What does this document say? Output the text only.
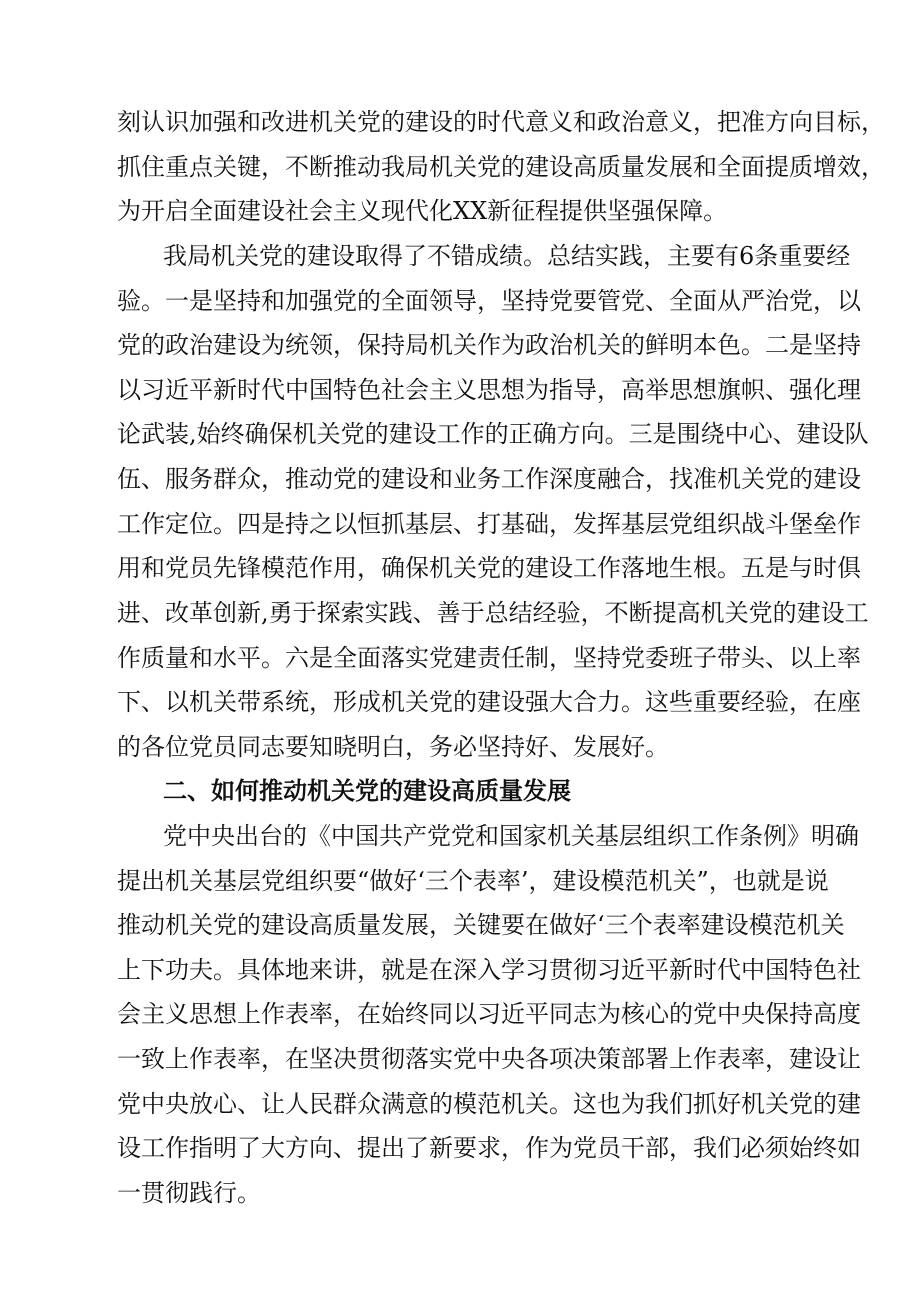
刻认识加强和改进机关党的建设的时代意义和政治意义，把准方向目标，

抓住重点关键，不断推动我局机关党的建设高质量发展和全面提质增效，

为开启全面建设社会主义现代化XX新征程提供坚强保障。

我局机关党的建设取得了不错成绩。总结实践，主要有6条重要经

验。一是坚持和加强党的全面领导，坚持党要管党、全面从严治党，以

党的政治建设为统领，保持局机关作为政治机关的鲜明本色。二是坚持

以习近平新时代中国特色社会主义思想为指导，高举思想旗帜、强化理

论武装,始终确保机关党的建设工作的正确方向。三是围绕中心、建设队

伍、服务群众，推动党的建设和业务工作深度融合，找准机关党的建设

工作定位。四是持之以恒抓基层、打基础，发挥基层党组织战斗堡垒作

用和党员先锋模范作用，确保机关党的建设工作落地生根。五是与时俱

进、改革创新,勇于探索实践、善于总结经验，不断提高机关党的建设工

作质量和水平。六是全面落实党建责任制，坚持党委班子带头、以上率

下、以机关带系统，形成机关党的建设强大合力。这些重要经验，在座

的各位党员同志要知晓明白，务必坚持好、发展好。

二、如何推动机关党的建设高质量发展

党中央出台的《中国共产党党和国家机关基层组织工作条例》明确

提出机关基层党组织要“做好‘三个表率’，建设模范机关”，也就是说

推动机关党的建设高质量发展，关键要在做好‘三个表率建设模范机关

上下功夫。具体地来讲，就是在深入学习贯彻习近平新时代中国特色社

会主义思想上作表率，在始终同以习近平同志为核心的党中央保持高度

一致上作表率，在坚决贯彻落实党中央各项决策部署上作表率，建设让

党中央放心、让人民群众满意的模范机关。这也为我们抓好机关党的建

设工作指明了大方向、提出了新要求，作为党员干部，我们必须始终如

一贯彻践行。
